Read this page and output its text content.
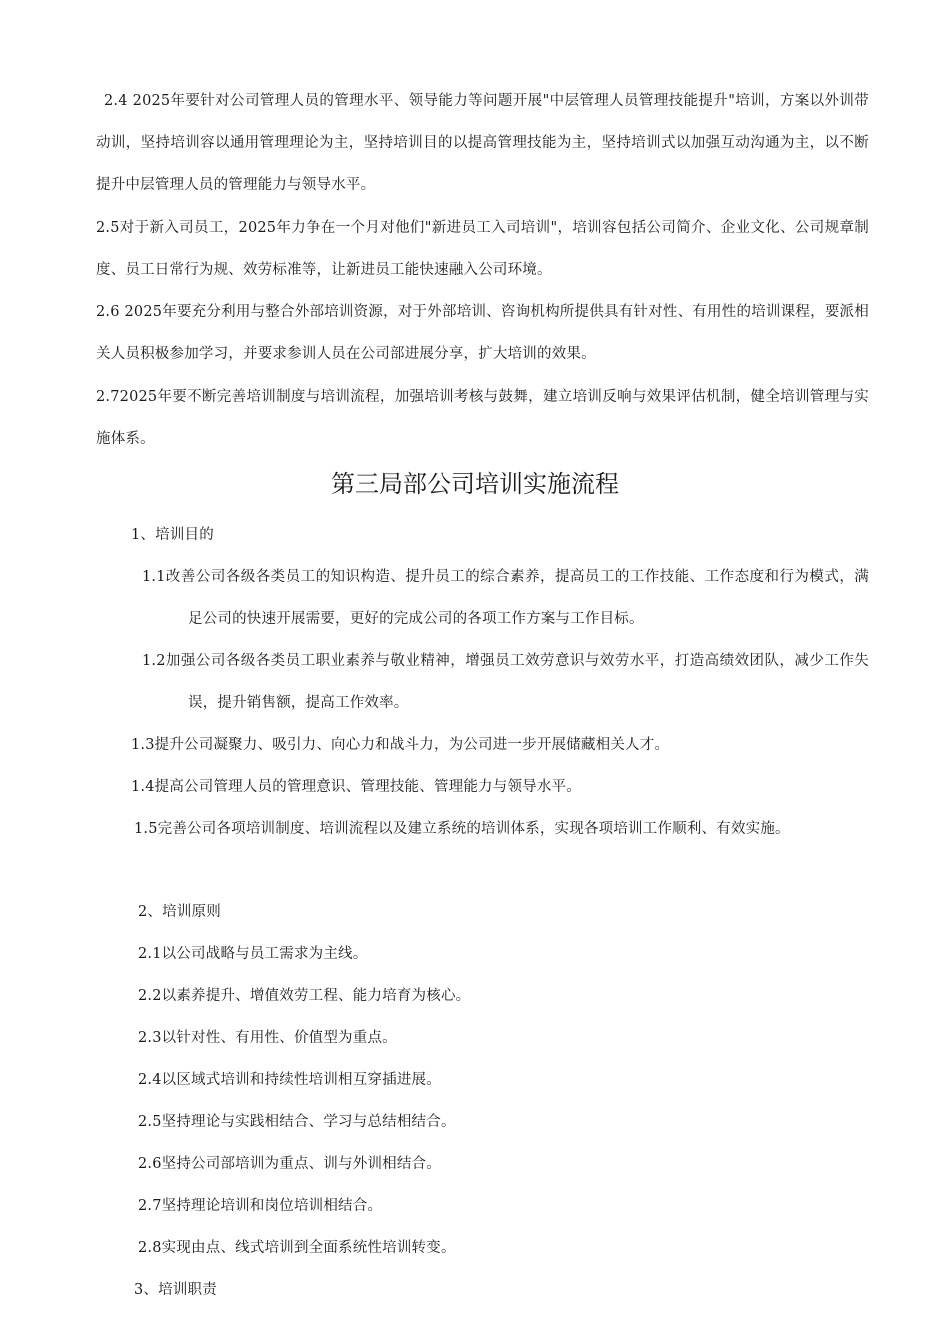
2.4 2025年要针对公司管理人员的管理水平、领导能力等问题开展"中层管理人员管理技能提升"培训，方案以外训带动训，坚持培训容以通用管理理论为主，坚持培训目的以提高管理技能为主，坚持培训式以加强互动沟通为主，以不断提升中层管理人员的管理能力与领导水平。

2.5对于新入司员工，2025年力争在一个月对他们"新进员工入司培训"，培训容包括公司简介、企业文化、公司规章制度、员工日常行为规、效劳标准等，让新进员工能快速融入公司环境。

2.6 2025年要充分利用与整合外部培训资源，对于外部培训、咨询机构所提供具有针对性、有用性的培训课程，要派相关人员积极参加学习，并要求参训人员在公司部进展分享，扩大培训的效果。

2.72025年要不断完善培训制度与培训流程，加强培训考核与鼓舞，建立培训反响与效果评估机制，健全培训管理与实施体系。

第三局部公司培训实施流程

1、培训目的

1.1改善公司各级各类员工的知识构造、提升员工的综合素养，提高员工的工作技能、工作态度和行为模式，满足公司的快速开展需要，更好的完成公司的各项工作方案与工作目标。

1.2加强公司各级各类员工职业素养与敬业精神，增强员工效劳意识与效劳水平，打造高绩效团队，减少工作失误，提升销售额，提高工作效率。

1.3提升公司凝聚力、吸引力、向心力和战斗力，为公司进一步开展储藏相关人才。

1.4提高公司管理人员的管理意识、管理技能、管理能力与领导水平。

1.5完善公司各项培训制度、培训流程以及建立系统的培训体系，实现各项培训工作顺利、有效实施。

2、培训原则

2.1以公司战略与员工需求为主线。

2.2以素养提升、增值效劳工程、能力培育为核心。

2.3以针对性、有用性、价值型为重点。

2.4以区域式培训和持续性培训相互穿插进展。

2.5坚持理论与实践相结合、学习与总结相结合。

2.6坚持公司部培训为重点、训与外训相结合。

2.7坚持理论培训和岗位培训相结合。

2.8实现由点、线式培训到全面系统性培训转变。

3、培训职责
